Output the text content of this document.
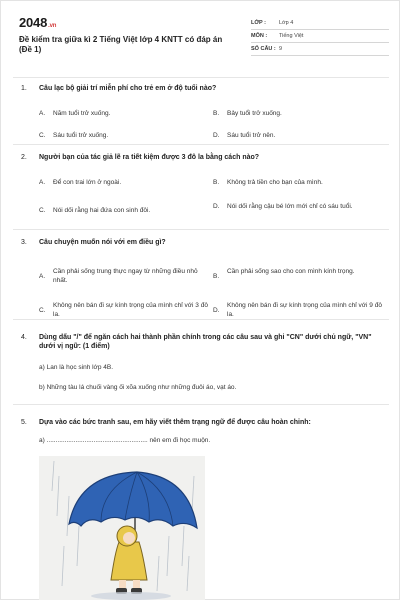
2048.vn
Đề kiểm tra giữa kì 2 Tiếng Việt lớp 4 KNTT có đáp án (Đề 1)
LỚP :	Lớp 4
MÔN :	Tiếng Việt
SỐ CÂU : 9
1.	Câu lạc bộ giải trí miễn phí cho trẻ em ở độ tuổi nào?
A.	Năm tuổi trở xuống.	B.	Bảy tuổi trở xuống.
C.	Sáu tuổi trở xuống.	D.	Sáu tuổi trở nên.
2.	Người bạn của tác giả lẽ ra tiết kiệm được 3 đô la bằng cách nào?
A.	Để con trai lớn ở ngoài.	B.	Không trả tiền cho bạn của mình.
C.	Nói dối rằng hai đứa con sinh đôi.
D.	Nói dối rằng cậu bé lớn mới chỉ có sáu tuổi.
3.	Câu chuyện muốn nói với em điều gì?
A.
Cần phải sống trung thực ngay từ những điều nhỏ nhất.
B.
Cần phải sống sao cho con mình kính trọng.
C.
Không nên bán đi sự kính trọng của mình chỉ với 3 đô la.
D.
Không nên bán đi sự kính trọng của mình chỉ với 9 đô la.
4.	Dùng dấu "/" để ngăn cách hai thành phần chính trong các câu sau và ghi "CN" dưới chủ ngữ, "VN" dưới vị ngữ: (1 điểm)
a) Lan là học sinh lớp 4B.
b) Những tàu lá chuối vàng ối xõa xuống như những đuôi áo, vạt áo.
5.	Dựa vào các bức tranh sau, em hãy viết thêm trạng ngữ để được câu hoàn chỉnh:
a) ........................................................ nên em đi học muộn.
